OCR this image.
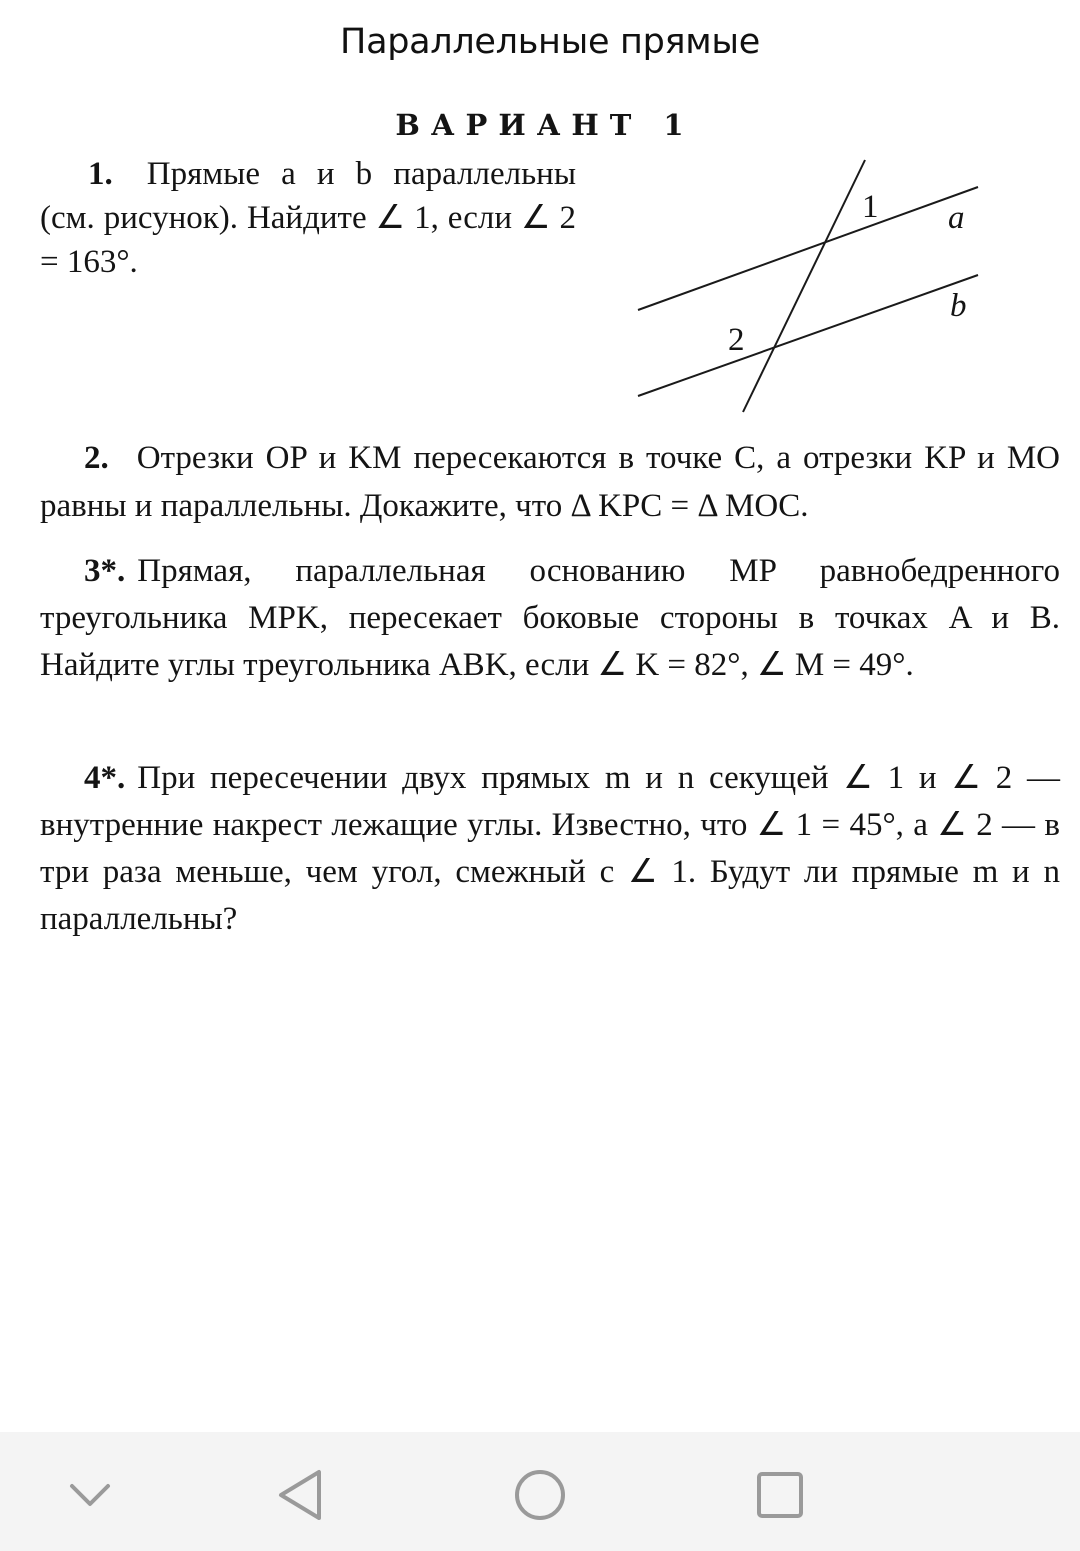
Параллельные прямые
ВАРИАНТ 1
1. Прямые a и b параллельны (см. рисунок). Найдите ∠ 1, если ∠ 2 = 163°.
1 a
b
2
2. Отрезки OP и KM пересекаются в точке C, а отрезки KP и MO равны и параллельны. Докажите, что Δ KPC = Δ MOC.
3*. Прямая, параллельная основанию MP равнобедренного треугольника MPK, пересекает боковые стороны в точках A и B. Найдите углы треугольника ABK, если ∠ K = 82°, ∠ M = 49°.
4*. При пересечении двух прямых m и n секущей ∠ 1 и ∠ 2 — внутренние накрест лежащие углы. Известно, что ∠ 1 = 45°, а ∠ 2 — в три раза меньше, чем угол, смежный с ∠ 1. Будут ли прямые m и n параллельны?
